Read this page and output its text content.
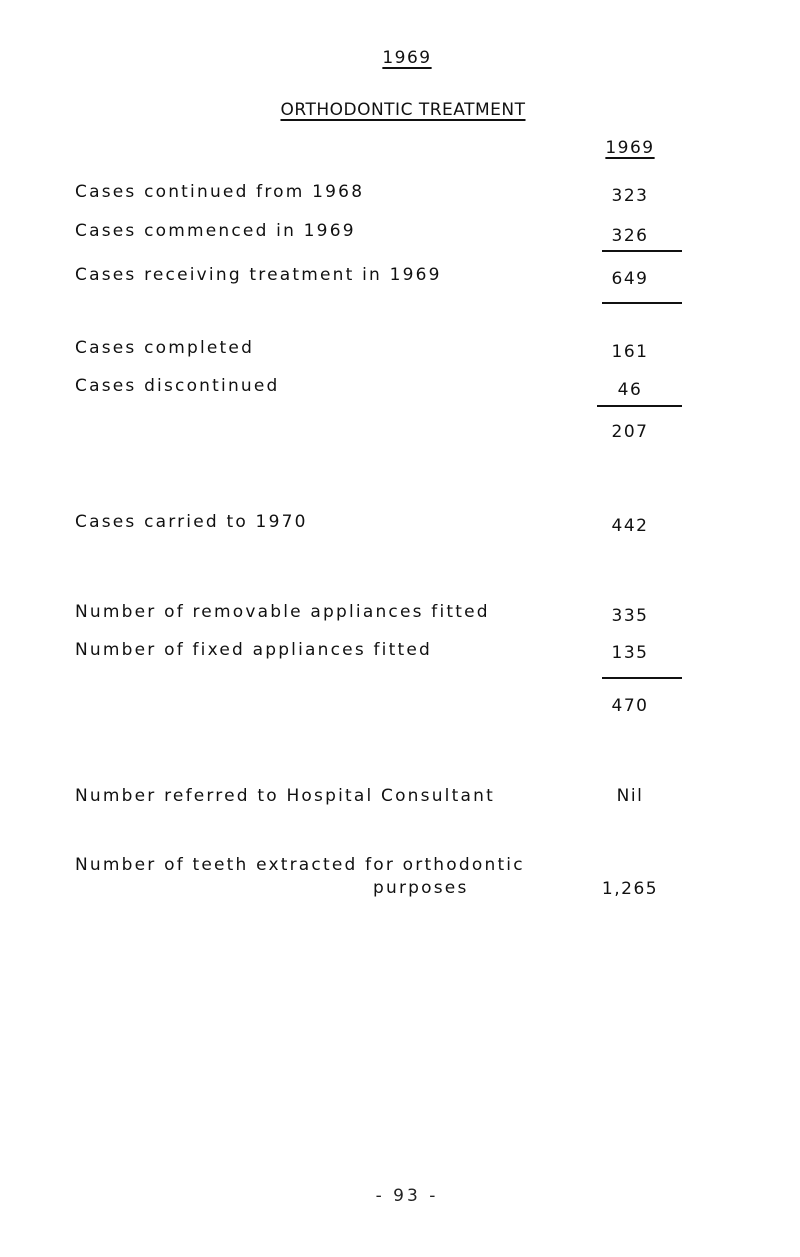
1969
ORTHODONTIC TREATMENT
1969
Cases continued from 1968	323
Cases commenced in 1969	326
Cases receiving treatment in 1969	649
Cases completed	161
Cases discontinued	46
207
Cases carried to 1970	442
Number of removable appliances fitted	335
Number of fixed appliances fitted	135
470
Number referred to Hospital Consultant	Nil
Number of teeth extracted for orthodontic
purposes	1,265
- 93 -
